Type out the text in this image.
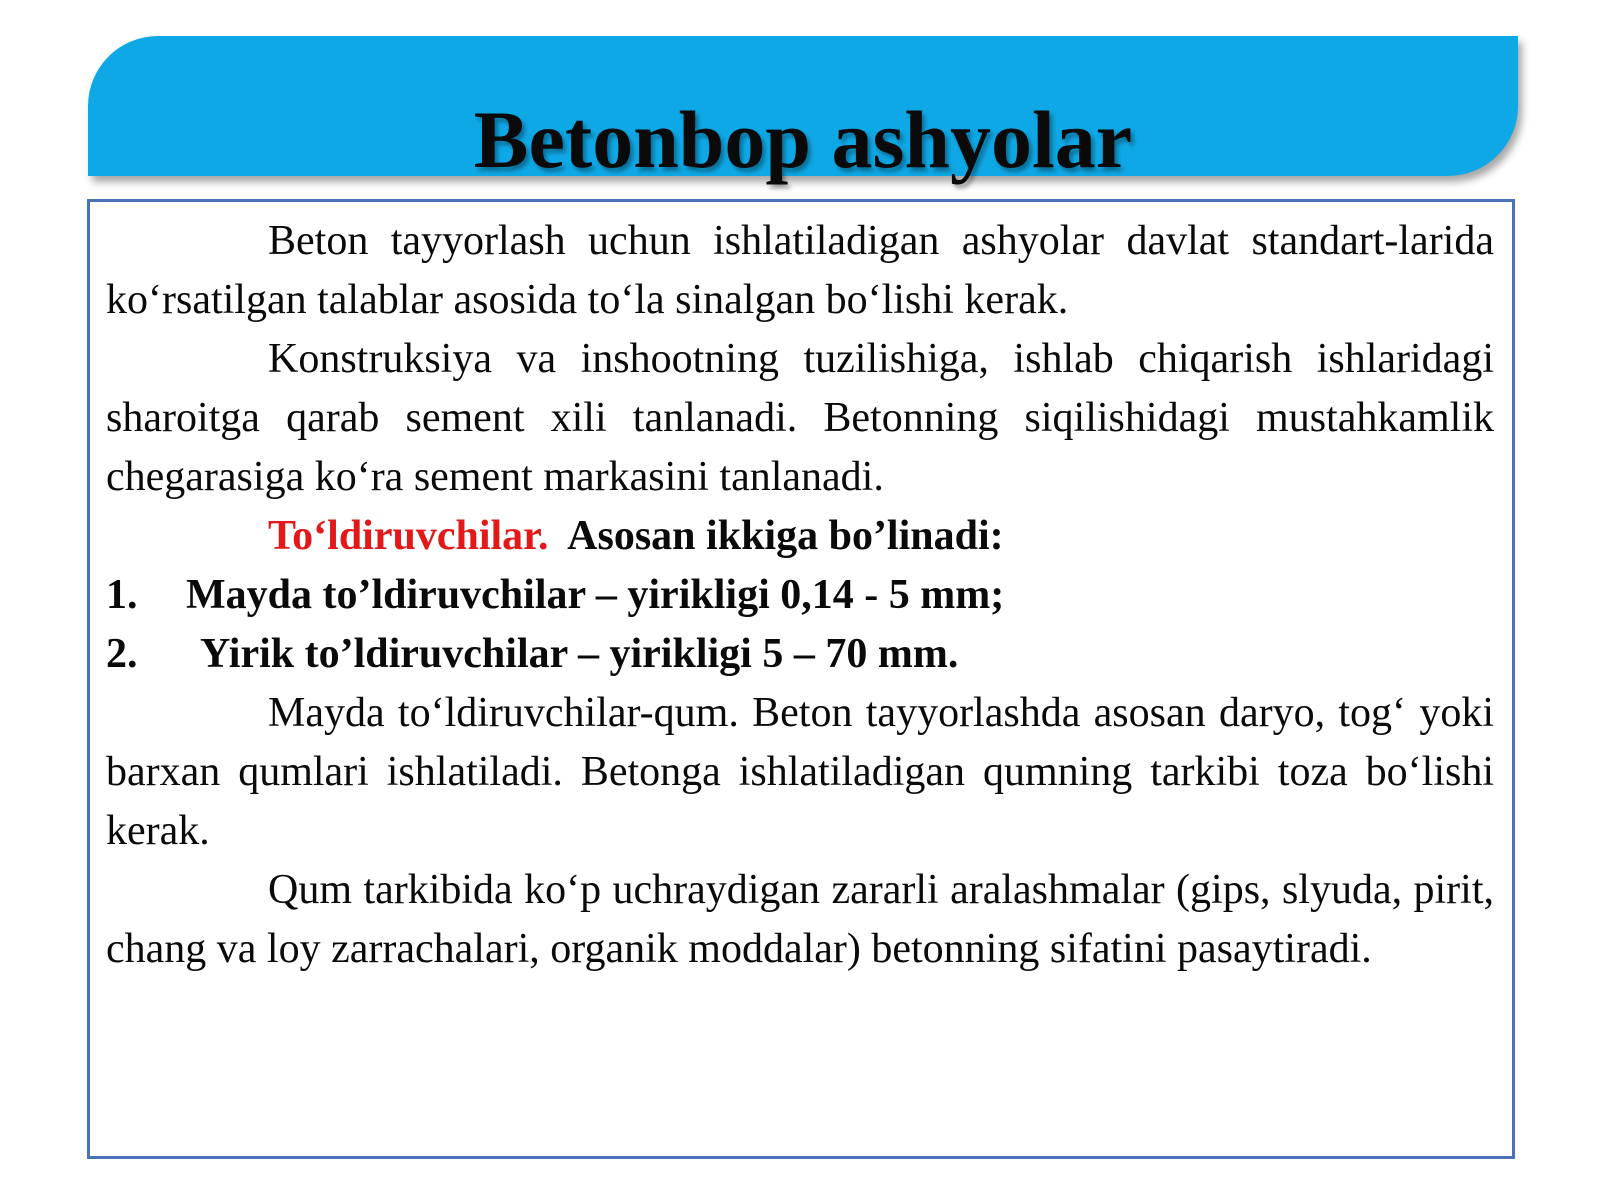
Betonbop ashyolar

Beton tayyorlash uchun ishlatiladigan ashyolar davlat standart-larida ko‘rsatilgan talablar asosida to‘la sinalgan bo‘lishi kerak.

Konstruksiya va inshootning tuzilishiga, ishlab chiqarish ishlaridagi sharoitga qarab sement xili tanlanadi. Betonning siqilishidagi mustahkamlik chegarasiga ko‘ra sement markasini tanlanadi.

To‘ldiruvchilar. Asosan ikkiga bo’linadi:

1.	Mayda to’ldiruvchilar – yirikligi 0,14 - 5 mm;

2.	Yirik to’ldiruvchilar – yirikligi 5 – 70 mm.

Mayda to‘ldiruvchilar-qum. Beton tayyorlashda asosan daryo, tog‘ yoki barxan qumlari ishlatiladi. Betonga ishlatiladigan qumning tarkibi toza bo‘lishi kerak.

Qum tarkibida ko‘p uchraydigan zararli aralashmalar (gips, slyuda, pirit, chang va loy zarrachalari, organik moddalar) betonning sifatini pasaytiradi.
